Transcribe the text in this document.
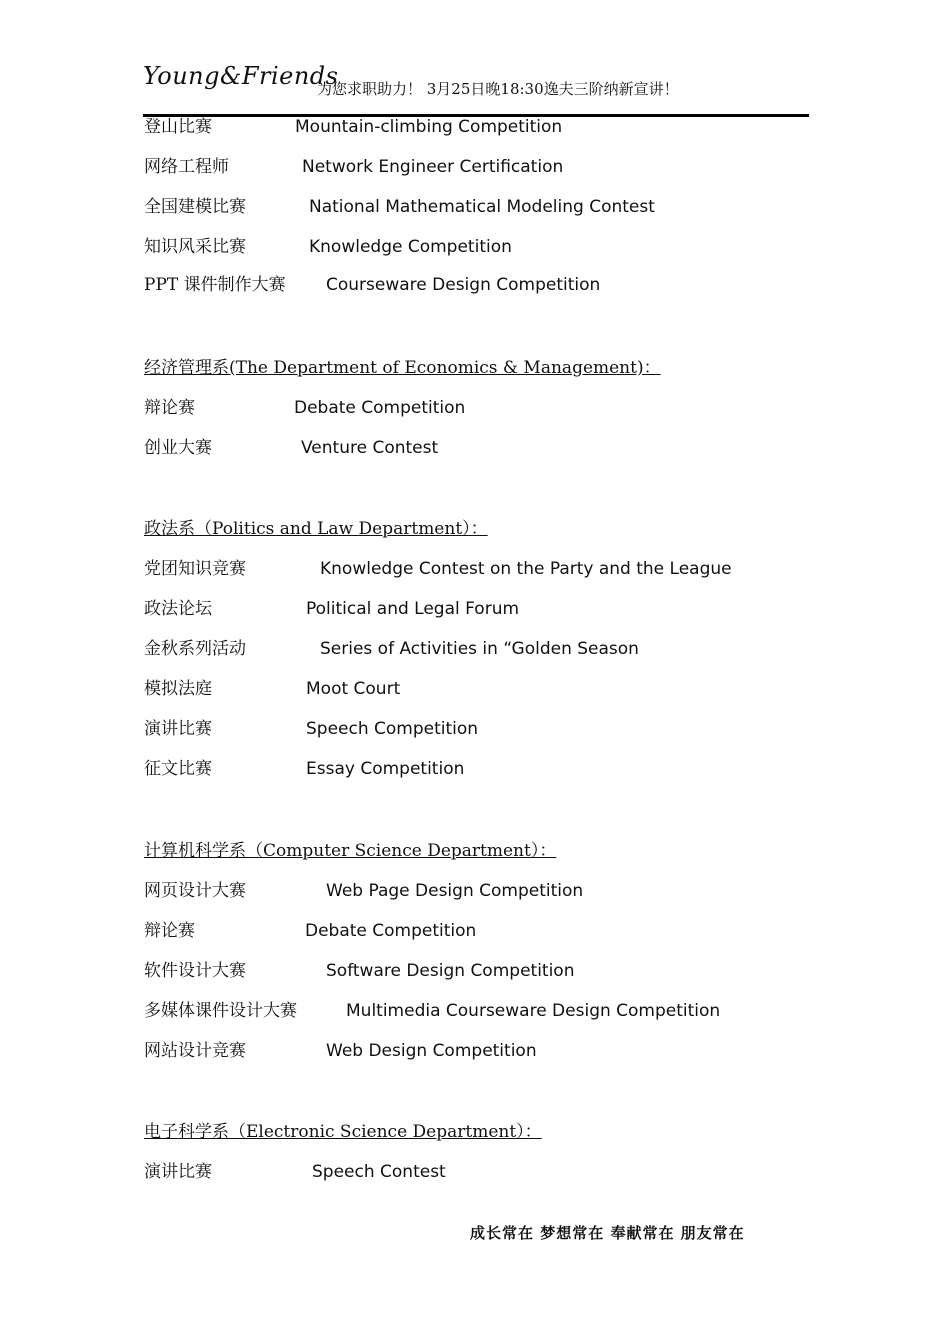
Young&Friends
为您求职助力！ 3月25日晚18:30逸夫三阶纳新宣讲！
登山比赛	Mountain-climbing Competition
网络工程师	Network Engineer Certification
全国建模比赛	National Mathematical Modeling Contest
知识风采比赛	Knowledge Competition
PPT 课件制作大赛 Courseware Design Competition
经济管理系(The Department of Economics & Management)：
辩论赛	Debate Competition
创业大赛	Venture Contest
政法系（Politics and Law Department）：
党团知识竞赛	Knowledge Contest on the Party and the League
政法论坛	Political and Legal Forum
金秋系列活动	Series of Activities in “Golden Season
模拟法庭	Moot Court
演讲比赛	Speech Competition
征文比赛	Essay Competition
计算机科学系（Computer Science Department）：
网页设计大赛	Web Page Design Competition
辩论赛	Debate Competition
软件设计大赛	Software Design Competition
多媒体课件设计大赛	Multimedia Courseware Design Competition
网站设计竞赛	Web Design Competition
电子科学系（Electronic Science Department）：
演讲比赛	Speech Contest
成长常在 梦想常在 奉献常在 朋友常在
